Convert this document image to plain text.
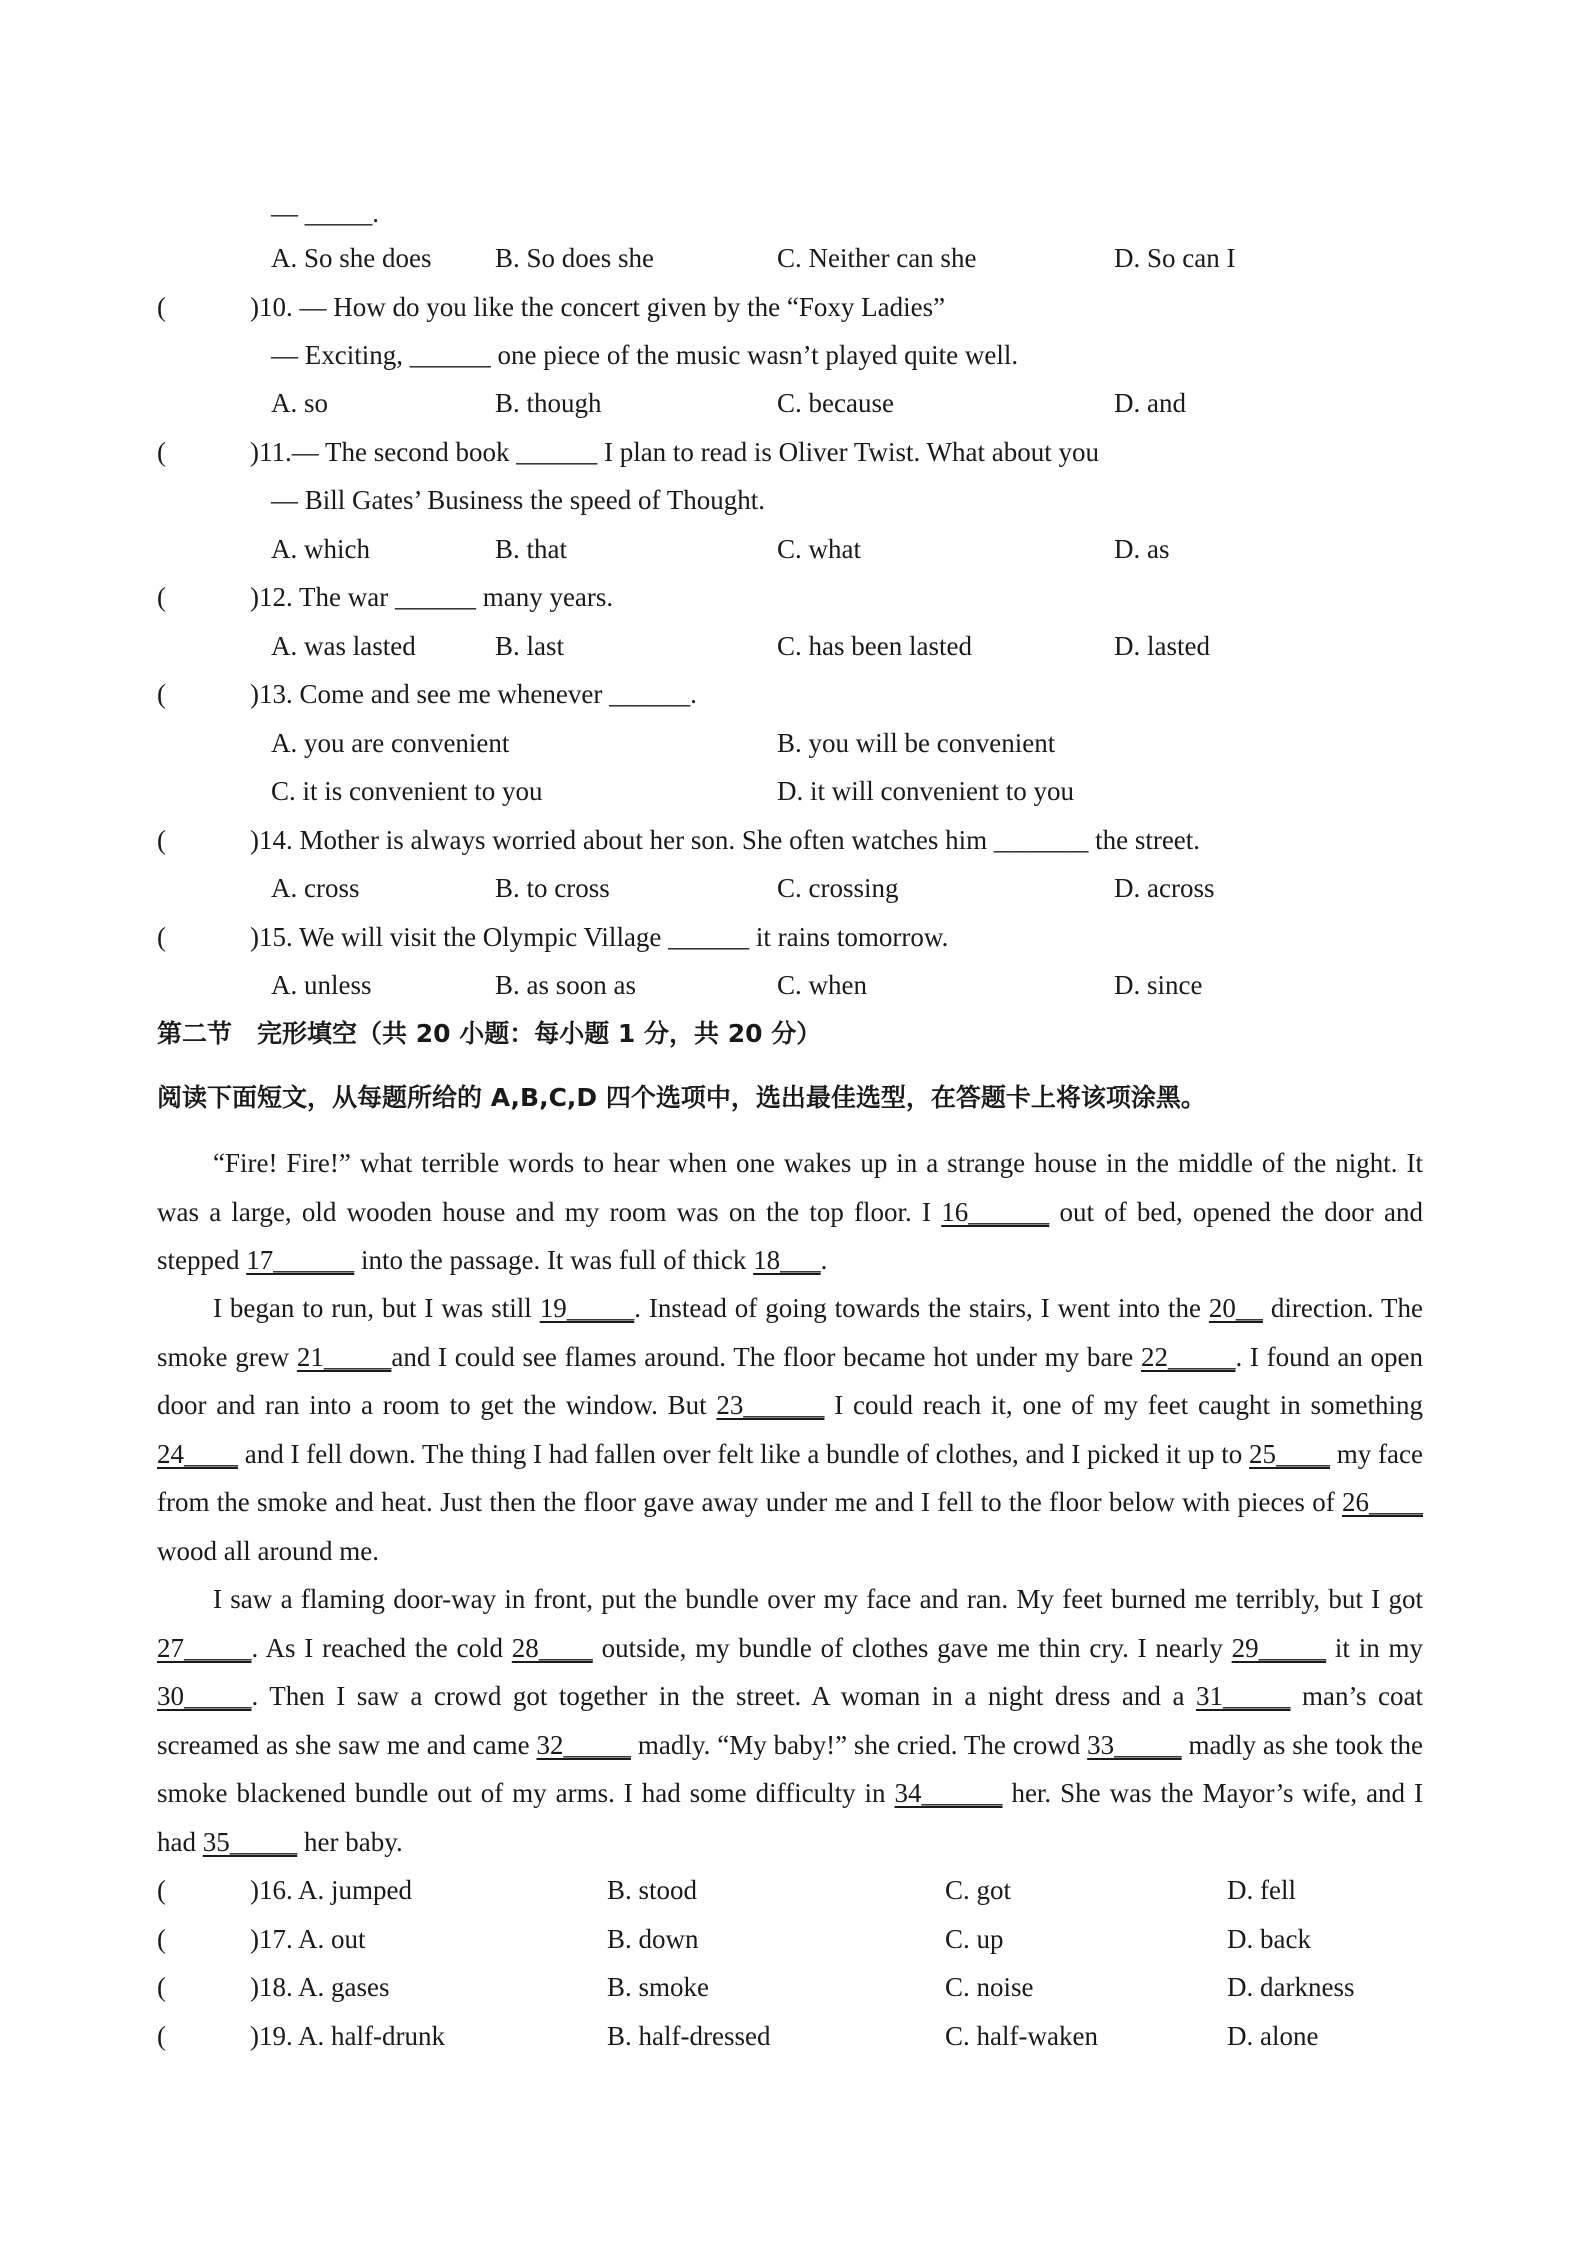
— _____.
A. So she does B. So does she	C. Neither can she	D. So can I
(	)10. — How do you like the concert given by the “Foxy Ladies”
— Exciting, ______ one piece of the music wasn’t played quite well.
A. so	B. though	C. because	D. and
(	)11.— The second book ______ I plan to read is Oliver Twist. What about you
— Bill Gates’ Business the speed of Thought.
A. which	B. that	C. what	D. as
(	)12. The war ______ many years.
A. was lasted	B. last	C. has been lasted	D. lasted
(	)13. Come and see me whenever ______.
A. you are convenient	B. you will be convenient
C. it is convenient to you	D. it will convenient to you
(	)14. Mother is always worried about her son. She often watches him _______ the street.
A. cross	B. to cross	C. crossing	D. across
(	)15. We will visit the Olympic Village ______ it rains tomorrow.
A. unless	B. as soon as	C. when	D. since
第二节　完形填空（共 20 小题：每小题 1 分，共 20 分）
阅读下面短文，从每题所给的 A,B,C,D 四个选项中，选出最佳选型，在答题卡上将该项涂黑。
“Fire! Fire!” what terrible words to hear when one wakes up in a strange house in the middle of the night. It was a large, old wooden house and my room was on the top floor. I 16______ out of bed, opened the door and stepped 17______ into the passage. It was full of thick 18___.
I began to run, but I was still 19_____. Instead of going towards the stairs, I went into the 20__ direction. The smoke grew 21_____and I could see flames around. The floor became hot under my bare 22_____. I found an open door and ran into a room to get the window. But 23______ I could reach it, one of my feet caught in something 24____ and I fell down. The thing I had fallen over felt like a bundle of clothes, and I picked it up to 25____ my face from the smoke and heat. Just then the floor gave away under me and I fell to the floor below with pieces of 26____ wood all around me.
I saw a flaming door-way in front, put the bundle over my face and ran. My feet burned me terribly, but I got 27_____. As I reached the cold 28____ outside, my bundle of clothes gave me thin cry. I nearly 29_____ it in my 30_____. Then I saw a crowd got together in the street. A woman in a night dress and a 31_____ man’s coat screamed as she saw me and came 32_____ madly. “My baby!” she cried. The crowd 33_____ madly as she took the smoke blackened bundle out of my arms. I had some difficulty in 34______ her. She was the Mayor’s wife, and I had 35_____ her baby.
(	)16. A. jumped	B. stood	C. got	D. fell
(	)17. A. out	B. down	C. up	D. back
(	)18. A. gases	B. smoke	C. noise	D. darkness
(	)19. A. half-drunk	B. half-dressed	C. half-waken	D. alone
